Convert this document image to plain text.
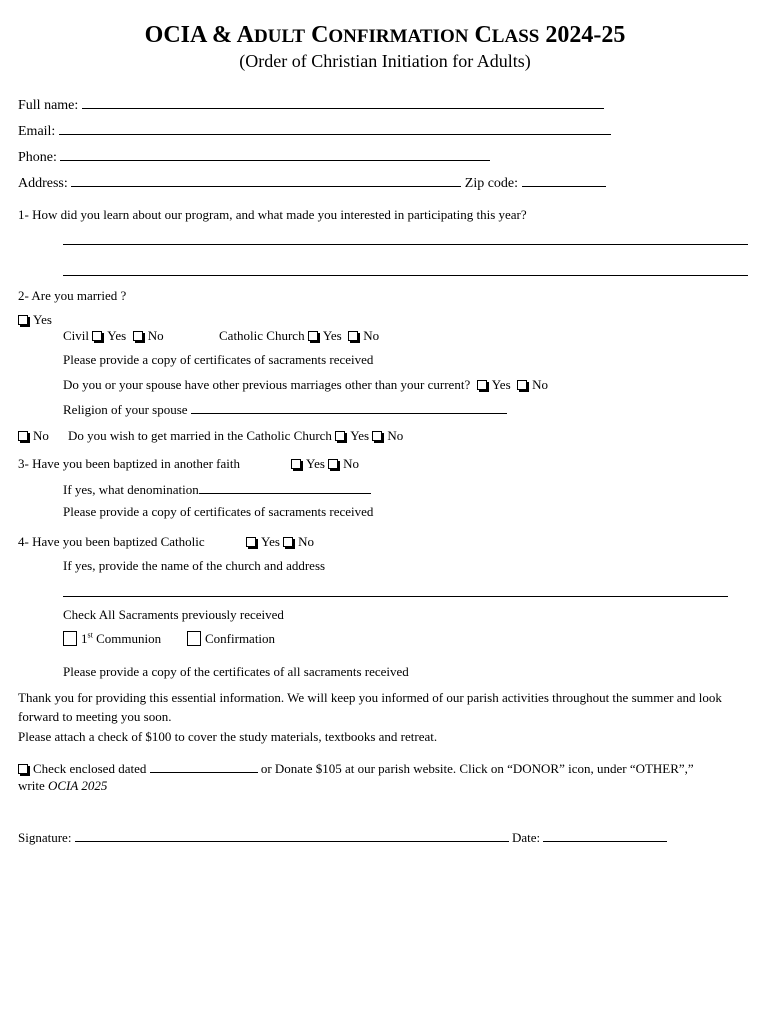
OCIA & ADULT CONFIRMATION CLASS 2024-25
(Order of Christian Initiation for Adults)
Full name:
Email:
Phone:
Address:	Zip code:
1- How did you learn about our program, and what made you interested in participating this year?
2- Are you married ?
Yes
Civil Yes No	Catholic Church Yes No
Please provide a copy of certificates of sacraments received
Do you or your spouse have other previous marriages other than your current? Yes No
Religion of your spouse
No Do you wish to get married in the Catholic Church Yes No
3- Have you been baptized in another faith	Yes No
If yes, what denomination
Please provide a copy of certificates of sacraments received
4- Have you been baptized Catholic	Yes No
If yes, provide the name of the church and address
Check All Sacraments previously received
1st Communion	Confirmation
Please provide a copy of the certificates of all sacraments received
Thank you for providing this essential information. We will keep you informed of our parish activities throughout the summer and look forward to meeting you soon.
Please attach a check of $100 to cover the study materials, textbooks and retreat.
Check enclosed dated	or Donate $105 at our parish website. Click on “DONOR” icon, under “OTHER”,”
write OCIA 2025
Signature:	Date:
